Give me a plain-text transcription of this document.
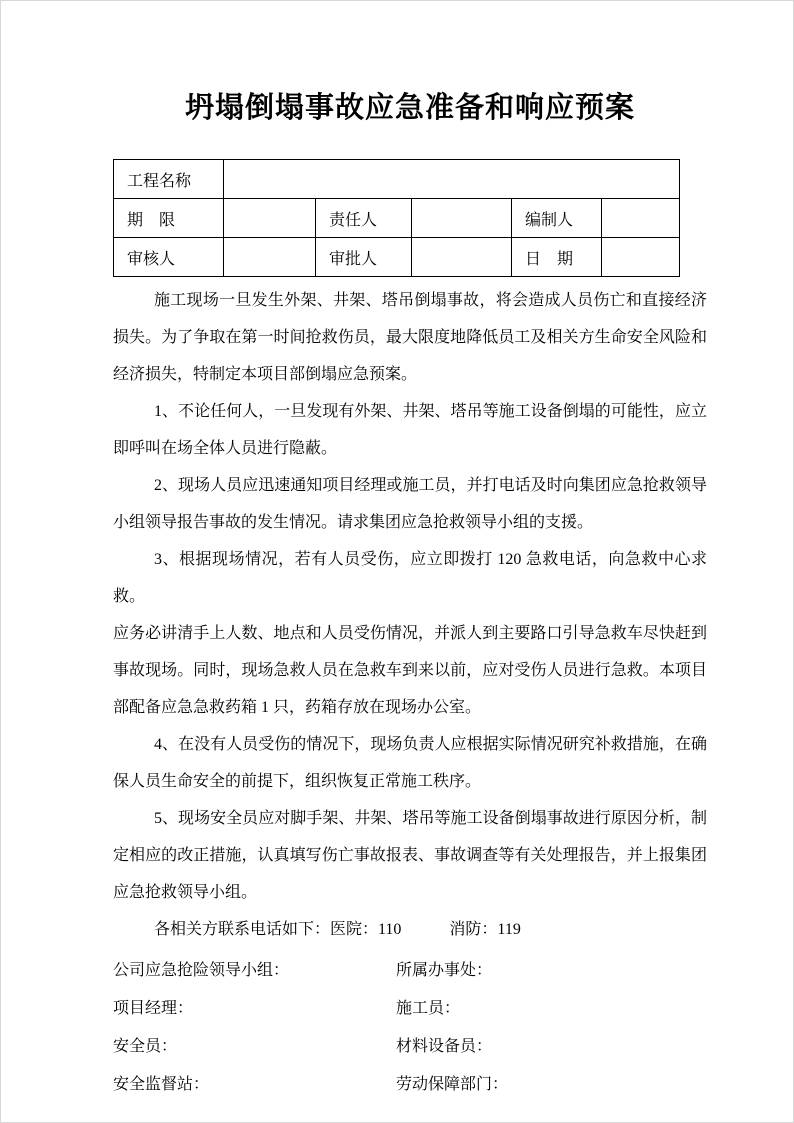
坍塌倒塌事故应急准备和响应预案
工程名称					
期　限		责任人		编制人	
审核人		审批人		日　期	

施工现场一旦发生外架、井架、塔吊倒塌事故，将会造成人员伤亡和直接经济损失。为了争取在第一时间抢救伤员，最大限度地降低员工及相关方生命安全风险和经济损失，特制定本项目部倒塌应急预案。

1、不论任何人，一旦发现有外架、井架、塔吊等施工设备倒塌的可能性，应立即呼叫在场全体人员进行隐蔽。

2、现场人员应迅速通知项目经理或施工员，并打电话及时向集团应急抢救领导小组领导报告事故的发生情况。请求集团应急抢救领导小组的支援。

3、根据现场情况，若有人员受伤，应立即拨打 120 急救电话，向急救中心求救。

应务必讲清手上人数、地点和人员受伤情况，并派人到主要路口引导急救车尽快赶到事故现场。同时，现场急救人员在急救车到来以前，应对受伤人员进行急救。本项目部配备应急急救药箱 1 只，药箱存放在现场办公室。

4、在没有人员受伤的情况下，现场负责人应根据实际情况研究补救措施，在确保人员生命安全的前提下，组织恢复正常施工秩序。

5、现场安全员应对脚手架、井架、塔吊等施工设备倒塌事故进行原因分析，制定相应的改正措施，认真填写伤亡事故报表、事故调查等有关处理报告，并上报集团应急抢救领导小组。

各相关方联系电话如下：医院：110　　　消防：119

公司应急抢险领导小组：	所属办事处：
项目经理：	施工员：
安全员：	材料设备员：
安全监督站：	劳动保障部门：
